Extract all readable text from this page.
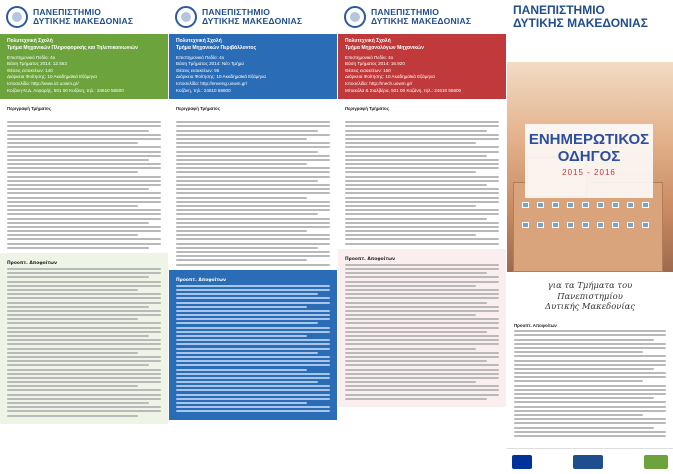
ΠΑΝΕΠΙΣΤΗΜΙΟ
ΔΥΤΙΚΗΣ ΜΑΚΕΔΟΝΙΑΣ
Πολυτεχνική Σχολή
Τμήμα Μηχανικών Πληροφορικής και Τηλεπικοινωνιών
Επιστημονικό Πεδίο: 4ο
Βάση Τμήματος 2014: 12.553
Θέσεις εισακτέων: 140
Διάρκεια Φοίτησης: 10 Ακαδημαϊκά Εξάμηνα
Ιστοσελίδα: http://www.ict.uowm.gr/
Κοζάνη-Ν.Δ. Λογαρής, 501 00 Κοζάνη, τηλ.: 24610 56500
Περιγραφή Τμήματος
Προοπτ. Αποφοίτων
ΠΑΝΕΠΙΣΤΗΜΙΟ
ΔΥΤΙΚΗΣ ΜΑΚΕΔΟΝΙΑΣ
Πολυτεχνική Σχολή
Τμήμα Μηχανικών Περιβάλλοντος
Επιστημονικό Πεδίο: 4ο
Βάση Τμήματος 2014: Νέο Τμήμα
Θέσεις εισακτέων: 95
Διάρκεια Φοίτησης: 10 Ακαδημαϊκά Εξάμηνα
Ιστοσελίδα: http://enveng.uowm.gr/
Κοζάνη, τηλ.: 24610 56600
Περιγραφή Τμήματος
Προοπτ. Αποφοίτων
ΠΑΝΕΠΙΣΤΗΜΙΟ
ΔΥΤΙΚΗΣ ΜΑΚΕΔΟΝΙΑΣ
Πολυτεχνική Σχολή
Τμήμα Μηχανολόγων Μηχανικών
Επιστημονικό Πεδίο: 4ο
Βάση Τμήματος 2014: 16.920
Θέσεις εισακτέων: 150
Διάρκεια Φοίτησης: 10 Ακαδημαϊκά Εξάμηνα
Ιστοσελίδα: http://mech.uowm.gr/
Μπακόλα & Σιαλβέρα, 501 00 Κοζάνη, τηλ.: 24610 56600
Περιγραφή Τμήματος
Προοπτ. Αποφοίτων
ΠΑΝΕΠΙΣΤΗΜΙΟ
ΔΥΤΙΚΗΣ ΜΑΚΕΔΟΝΙΑΣ
ΕΝΗΜΕΡΩΤΙΚΟΣ
ΟΔΗΓΟΣ
2015 - 2016
για τα Τμήματα του
Πανεπιστημίου
Δυτικής Μακεδονίας
Προοπτ. Αποφοίτων
